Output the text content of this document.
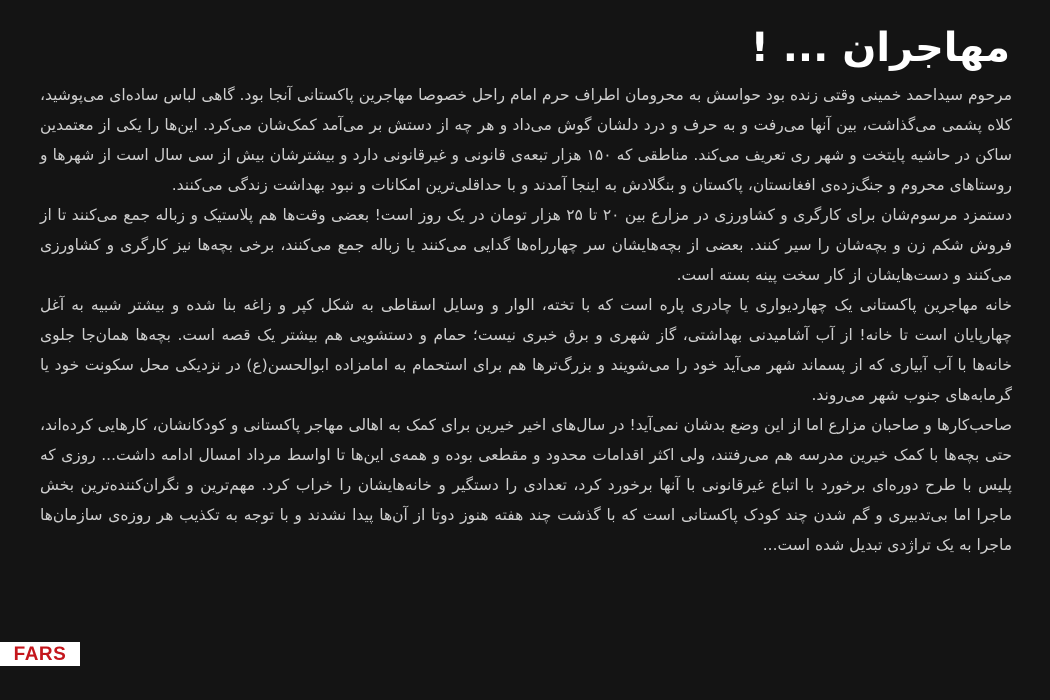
مهاجران ... !

مرحوم سیداحمد خمینی وقتی زنده بود حواسش به محرومان اطراف حرم امام راحل خصوصا مهاجرین پاکستانی آنجا بود. گاهی لباس ساده‌ای می‌پوشید، کلاه پشمی می‌گذاشت، بین آنها می‌رفت و به حرف و درد دلشان گوش می‌داد و هر چه از دستش بر می‌آمد کمک‌شان می‌کرد. این‌ها را یکی از معتمدین ساکن در حاشیه پایتخت و شهر ری تعریف می‌کند. مناطقی که ۱۵۰ هزار تبعه‌ی قانونی و غیرقانونی دارد و بیشترشان بیش از سی سال است از شهرها و روستاهای محروم و جنگ‌زده‌ی افغانستان، پاکستان و بنگلادش به اینجا آمدند و با حداقلی‌ترین امکانات و نبود بهداشت زندگی می‌کنند.

دستمزد مرسوم‌شان برای کارگری و کشاورزی در مزارع بین ۲۰ تا ۲۵ هزار تومان در یک روز است! بعضی وقت‌ها هم پلاستیک و زباله جمع می‌کنند تا از فروش شکم زن و بچه‌شان را سیر کنند. بعضی از بچه‌هایشان سر چهارراه‌ها گدایی می‌کنند یا زباله جمع می‌کنند، برخی بچه‌ها نیز کارگری و کشاورزی می‌کنند و دست‌هایشان از کار سخت پینه بسته است.

خانه مهاجرین پاکستانی یک چهاردیواری یا چادری پاره است که با تخته، الوار و وسایل اسقاطی به شکل کپر و زاغه بنا شده و بیشتر شبیه به آغل چهارپایان است تا خانه! از آب آشامیدنی بهداشتی، گاز شهری و برق خبری نیست؛ حمام و دستشویی هم بیشتر یک قصه است. بچه‌ها همان‌جا جلوی خانه‌ها با آب آبیاری که از پسماند شهر می‌آید خود را می‌شویند و بزرگ‌ترها هم برای استحمام به امامزاده ابوالحسن(ع) در نزدیکی محل سکونت خود یا گرمابه‌های جنوب شهر می‌روند.

صاحب‌کارها و صاحبان مزارع اما از این وضع بدشان نمی‌آید! در سال‌های اخیر خیرین برای کمک به اهالی مهاجر پاکستانی و کودکانشان، کارهایی کرده‌اند، حتی بچه‌ها با کمک خیرین مدرسه هم می‌رفتند، ولی اکثر اقدامات محدود و مقطعی بوده و همه‌ی این‌ها تا اواسط مرداد امسال ادامه داشت... روزی که پلیس با طرح دوره‌ای برخورد با اتباع غیرقانونی با آنها برخورد کرد، تعدادی را دستگیر و خانه‌هایشان را خراب کرد. مهم‌ترین و نگران‌کننده‌ترین بخش ماجرا اما بی‌تدبیری و گم شدن چند کودک پاکستانی است که با گذشت چند هفته هنوز دوتا از آن‌ها پیدا نشدند و با توجه به تکذیب هر روزه‌ی سازمان‌ها ماجرا به یک تراژدی تبدیل شده است...

FARS
